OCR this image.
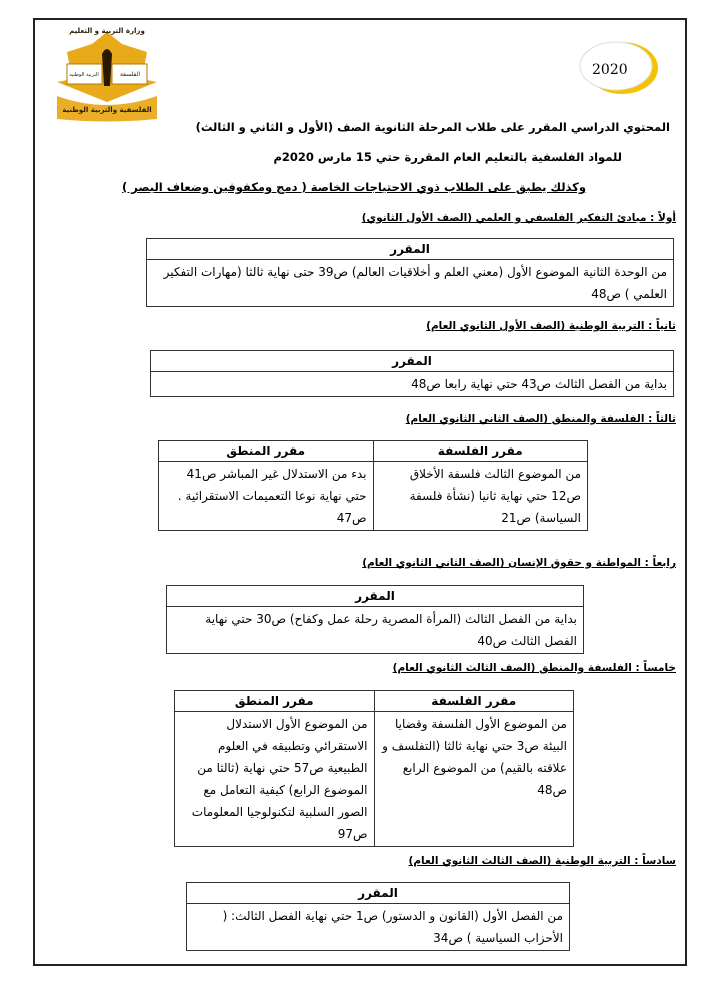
وزارة التربية و التعليم
الفلسفة
التربية الوطنية
الفلسفية والتربية الوطنية
2020
المحتوي الدراسي المقرر على طلاب المرحلة الثانوية الصف (الأول و الثاني و الثالث)
للمواد الفلسفية بالتعليم العام المقررة حتي 15 مارس 2020م
وكذلك يطبق على الطلاب ذوي الاحتياجات الخاصة ( دمج ومكفوفين وضعاف البصر )
أولاً : مبادئ التفكير الفلسفي و العلمي (الصف الأول الثانوي)
المقرر
من الوحدة الثانية الموضوع الأول (معني العلم و أخلاقيات العالم) ص39 حتى نهاية ثالثا (مهارات التفكير العلمي ) ص48
ثانياً : التربية الوطنية (الصف الأول الثانوي العام)
المقرر
بداية من الفصل الثالث ص43 حتي نهاية رابعا ص48
ثالثاً : الفلسفة والمنطق (الصف الثاني الثانوي العام)
مقرر الفلسفة	مقرر المنطق
من الموضوع الثالث فلسفة الأخلاق ص12 حتي نهاية ثانيا (نشأة فلسفة السياسة) ص21	بدء من الاستدلال غير المباشر ص41 حتي نهاية نوعا التعميمات الاستقرائية . ص47
رابعاً : المواطنة و حقوق الإنسان (الصف الثاني الثانوي العام)
المقرر
بداية من الفصل الثالث (المرأة المصرية رحلة عمل وكفاح) ص30 حتي نهاية الفصل الثالث ص40
خامساً : الفلسفة والمنطق (الصف الثالث الثانوي العام)
مقرر الفلسفة	مقرر المنطق
من الموضوع الأول الفلسفة وقضايا البيئة ص3 حتي نهاية ثالثا (التفلسف و علاقته بالقيم) من الموضوع الرابع ص48	من الموضوع الأول الاستدلال الاستقرائي وتطبيقه في العلوم الطبيعية ص57 حتي نهاية (ثالثا من الموضوع الرابع) كيفية التعامل مع الصور السلبية لتكنولوجيا المعلومات ص97
سادساً : التربية الوطنية (الصف الثالث الثانوي العام)
المقرر
من الفصل الأول (القانون و الدستور) ص1 حتي نهاية الفصل الثالث: ( الأحزاب السياسية ) ص34
